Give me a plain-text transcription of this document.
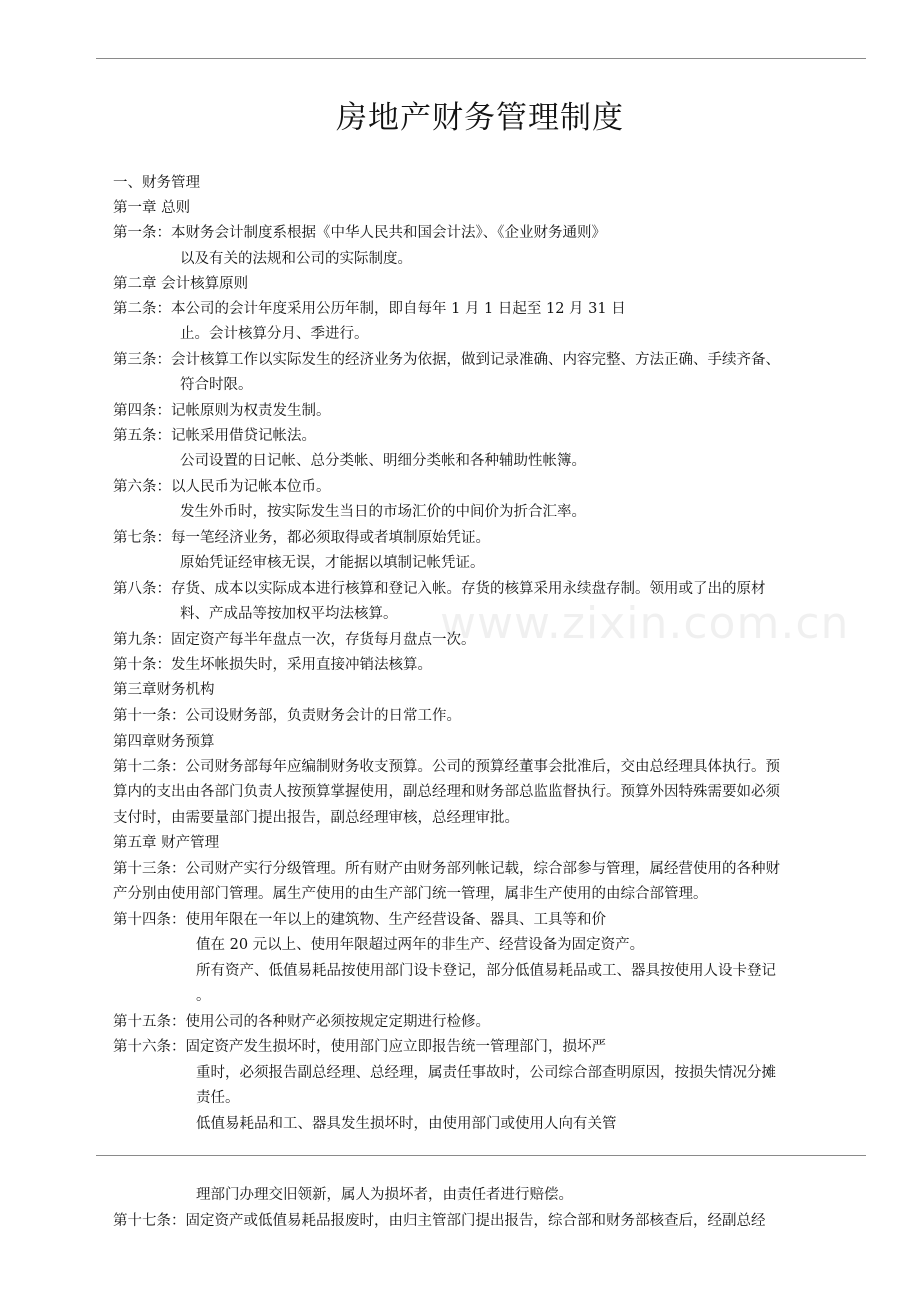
房地产财务管理制度
www.zixin.com.cn
一、财务管理
第一章 总则
第一条：本财务会计制度系根据《中华人民共和国会计法》、《企业财务通则》
以及有关的法规和公司的实际制度。
第二章 会计核算原则
第二条：本公司的会计年度采用公历年制，即自每年 1 月 1 日起至 12 月 31 日
止。会计核算分月、季进行。
第三条：会计核算工作以实际发生的经济业务为依据，做到记录准确、内容完整、方法正确、手续齐备、
符合时限。
第四条：记帐原则为权责发生制。
第五条：记帐采用借贷记帐法。
公司设置的日记帐、总分类帐、明细分类帐和各种辅助性帐簿。
第六条：以人民币为记帐本位币。
发生外币时，按实际发生当日的市场汇价的中间价为折合汇率。
第七条：每一笔经济业务，都必须取得或者填制原始凭证。
原始凭证经审核无误，才能据以填制记帐凭证。
第八条：存货、成本以实际成本进行核算和登记入帐。存货的核算采用永续盘存制。领用或了出的原材
料、产成品等按加权平均法核算。
第九条：固定资产每半年盘点一次，存货每月盘点一次。
第十条：发生坏帐损失时，采用直接冲销法核算。
第三章财务机构
第十一条：公司设财务部，负责财务会计的日常工作。
第四章财务预算
第十二条：公司财务部每年应编制财务收支预算。公司的预算经董事会批准后，交由总经理具体执行。预
算内的支出由各部门负责人按预算掌握使用，副总经理和财务部总监监督执行。预算外因特殊需要如必须
支付时，由需要量部门提出报告，副总经理审核，总经理审批。
第五章 财产管理
第十三条：公司财产实行分级管理。所有财产由财务部列帐记载，综合部参与管理，属经营使用的各种财
产分别由使用部门管理。属生产使用的由生产部门统一管理，属非生产使用的由综合部管理。
第十四条：使用年限在一年以上的建筑物、生产经营设备、器具、工具等和价
值在 20 元以上、使用年限超过两年的非生产、经营设备为固定资产。
所有资产、低值易耗品按使用部门设卡登记，部分低值易耗品或工、器具按使用人设卡登记
。
第十五条：使用公司的各种财产必须按规定定期进行检修。
第十六条：固定资产发生损坏时，使用部门应立即报告统一管理部门，损坏严
重时，必须报告副总经理、总经理，属责任事故时，公司综合部查明原因，按损失情况分摊
责任。
低值易耗品和工、器具发生损坏时，由使用部门或使用人向有关管
理部门办理交旧领新，属人为损坏者，由责任者进行赔偿。
第十七条：固定资产或低值易耗品报废时，由归主管部门提出报告，综合部和财务部核查后，经副总经
